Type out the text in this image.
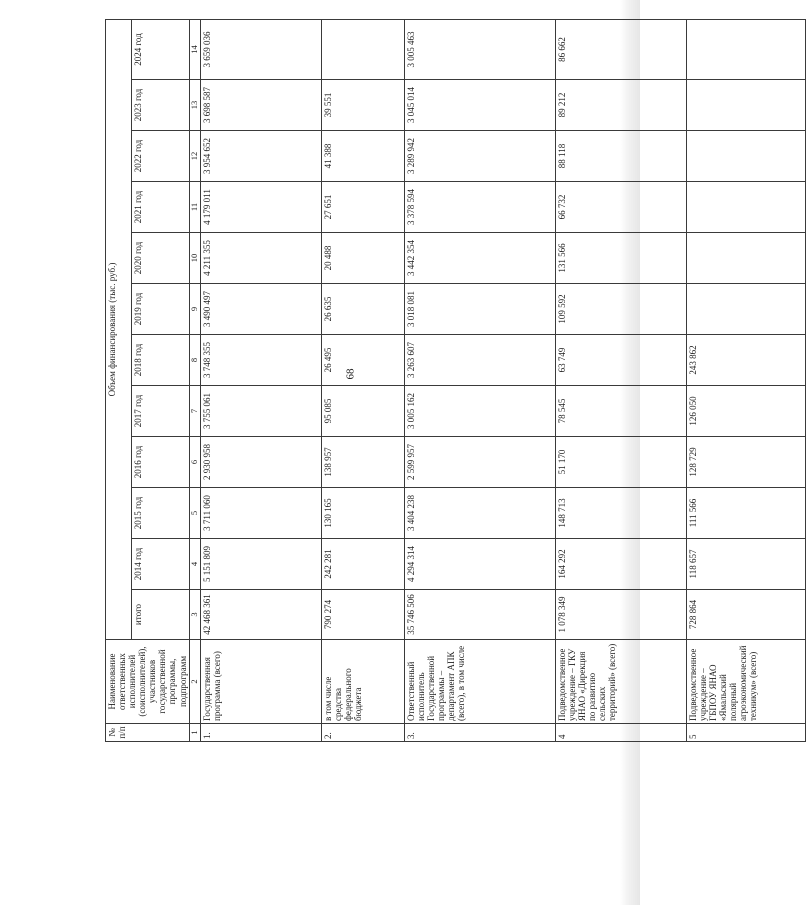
68
№ п/п	Наименование ответственных исполнителей (соисполнителей), участников государственной программы, подпрограмм	Объем финансирования (тыс. руб.)											
		итого	2014 год	2015 год	2016 год	2017 год	2018 год	2019 год	2020 год	2021 год	2022 год	2023 год	2024 год
1	2	3	4	5	6	7	8	9	10	11	12	13	14
1.	Государственная программа (всего)	42 468 361	5 151 809	3 711 060	2 930 958	3 755 061	3 748 355	3 490 497	4 211 355	4 179 011	3 954 652	3 698 587	3 659 036
2.	в том числе средства федерального бюджета	790 274	242 281	130 165	138 957	95 085	26 495	26 635	20 488	27 651	41 388	39 551	
3.	Ответственный исполнитель Государственной программы – департамент АПК (всего), в том числе	35 746 506	4 294 314	3 404 238	2 599 957	3 005 162	3 263 607	3 018 081	3 442 354	3 378 594	3 289 942	3 045 014	3 005 463
4	Подведомственное учреждение – ГКУ ЯНАО «Дирекция по развитию сельских территорий» (всего)	1 078 349	164 292	148 713	51 170	78 545	63 749	109 592	131 566	66 732	88 118	89 212	86 662
5	Подведомственное учреждение – ГБПОУ ЯНАО «Ямальский полярный агроэкономический техникум» (всего)	728 864	118 657	111 566	128 729	126 050	243 862						
